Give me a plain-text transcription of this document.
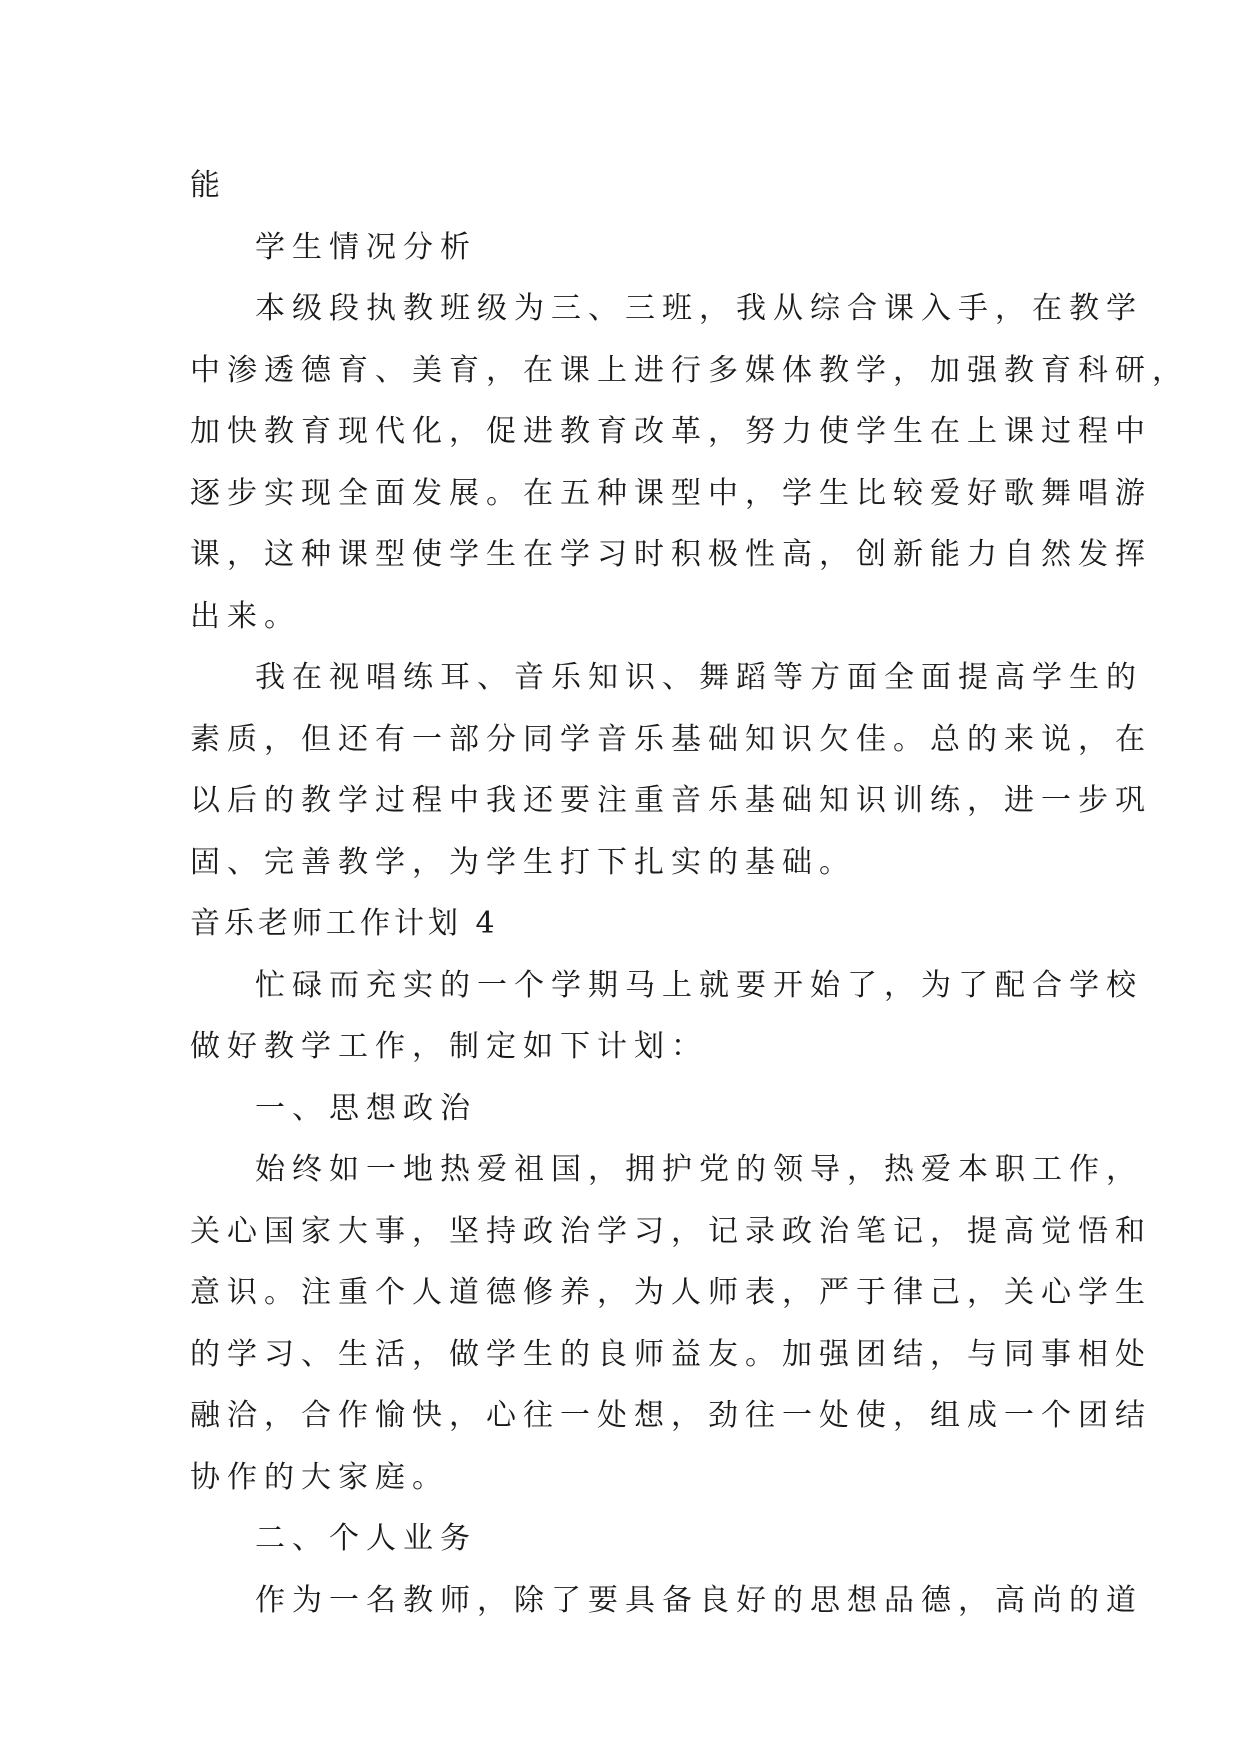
能

学生情况分析

本级段执教班级为三、三班，我从综合课入手，在教学

中渗透德育、美育，在课上进行多媒体教学，加强教育科研，

加快教育现代化，促进教育改革，努力使学生在上课过程中

逐步实现全面发展。在五种课型中，学生比较爱好歌舞唱游

课，这种课型使学生在学习时积极性高，创新能力自然发挥

出来。

我在视唱练耳、音乐知识、舞蹈等方面全面提高学生的

素质，但还有一部分同学音乐基础知识欠佳。总的来说，在

以后的教学过程中我还要注重音乐基础知识训练，进一步巩

固、完善教学，为学生打下扎实的基础。

音乐老师工作计划 4

忙碌而充实的一个学期马上就要开始了，为了配合学校

做好教学工作，制定如下计划：

一、思想政治

始终如一地热爱祖国，拥护党的领导，热爱本职工作，

关心国家大事，坚持政治学习，记录政治笔记，提高觉悟和

意识。注重个人道德修养，为人师表，严于律己，关心学生

的学习、生活，做学生的良师益友。加强团结，与同事相处

融洽，合作愉快，心往一处想，劲往一处使，组成一个团结

协作的大家庭。

二、个人业务

作为一名教师，除了要具备良好的思想品德，高尚的道
